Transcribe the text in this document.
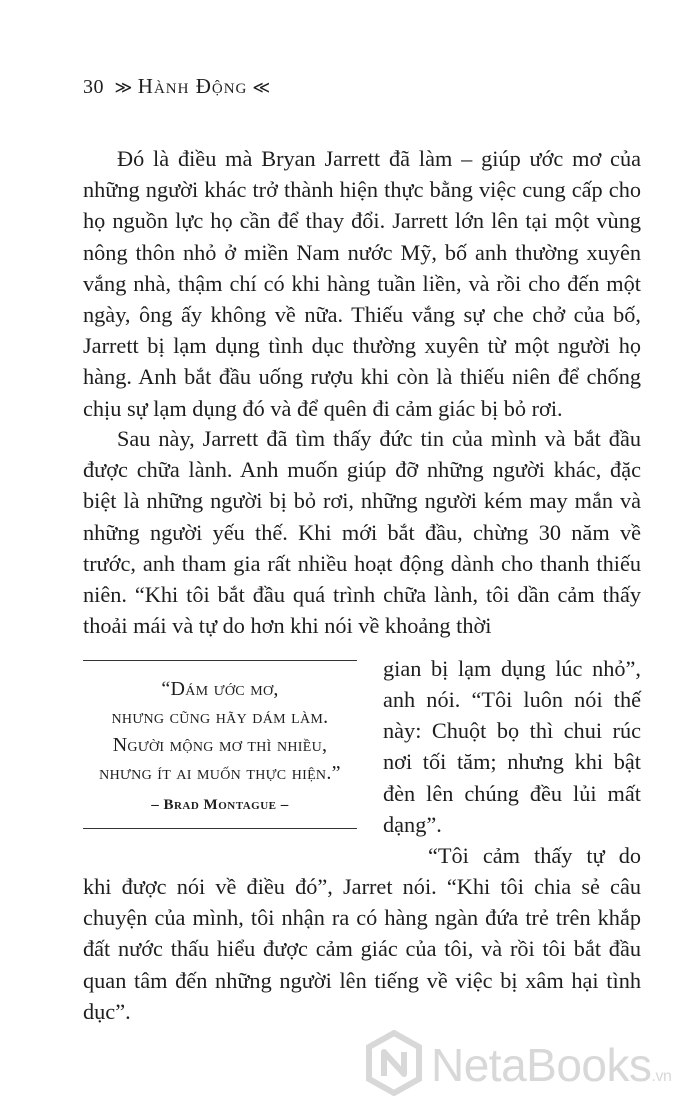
30 ≫ Hành Động ≪

Đó là điều mà Bryan Jarrett đã làm – giúp ước mơ của những người khác trở thành hiện thực bằng việc cung cấp cho họ nguồn lực họ cần để thay đổi. Jarrett lớn lên tại một vùng nông thôn nhỏ ở miền Nam nước Mỹ, bố anh thường xuyên vắng nhà, thậm chí có khi hàng tuần liền, và rồi cho đến một ngày, ông ấy không về nữa. Thiếu vắng sự che chở của bố, Jarrett bị lạm dụng tình dục thường xuyên từ một người họ hàng. Anh bắt đầu uống rượu khi còn là thiếu niên để chống chịu sự lạm dụng đó và để quên đi cảm giác bị bỏ rơi.

Sau này, Jarrett đã tìm thấy đức tin của mình và bắt đầu được chữa lành. Anh muốn giúp đỡ những người khác, đặc biệt là những người bị bỏ rơi, những người kém may mắn và những người yếu thế. Khi mới bắt đầu, chừng 30 năm về trước, anh tham gia rất nhiều hoạt động dành cho thanh thiếu niên. “Khi tôi bắt đầu quá trình chữa lành, tôi dần cảm thấy thoải mái và tự do hơn khi nói về khoảng thời

“Dám ước mơ,
nhưng cũng hãy dám làm.
Người mộng mơ thì nhiều,
nhưng ít ai muốn thực hiện.”
– Brad Montague –

gian bị lạm dụng lúc nhỏ”,

anh nói. “Tôi luôn nói thế này: Chuột bọ thì chui rúc nơi tối tăm; nhưng khi bật đèn lên chúng đều lủi mất dạng”.

“Tôi cảm thấy tự do

khi được nói về điều đó”, Jarret nói. “Khi tôi chia sẻ câu chuyện của mình, tôi nhận ra có hàng ngàn đứa trẻ trên khắp đất nước thấu hiểu được cảm giác của tôi, và rồi tôi bắt đầu quan tâm đến những người lên tiếng về việc bị xâm hại tình dục”.

NetaBooks.vn
